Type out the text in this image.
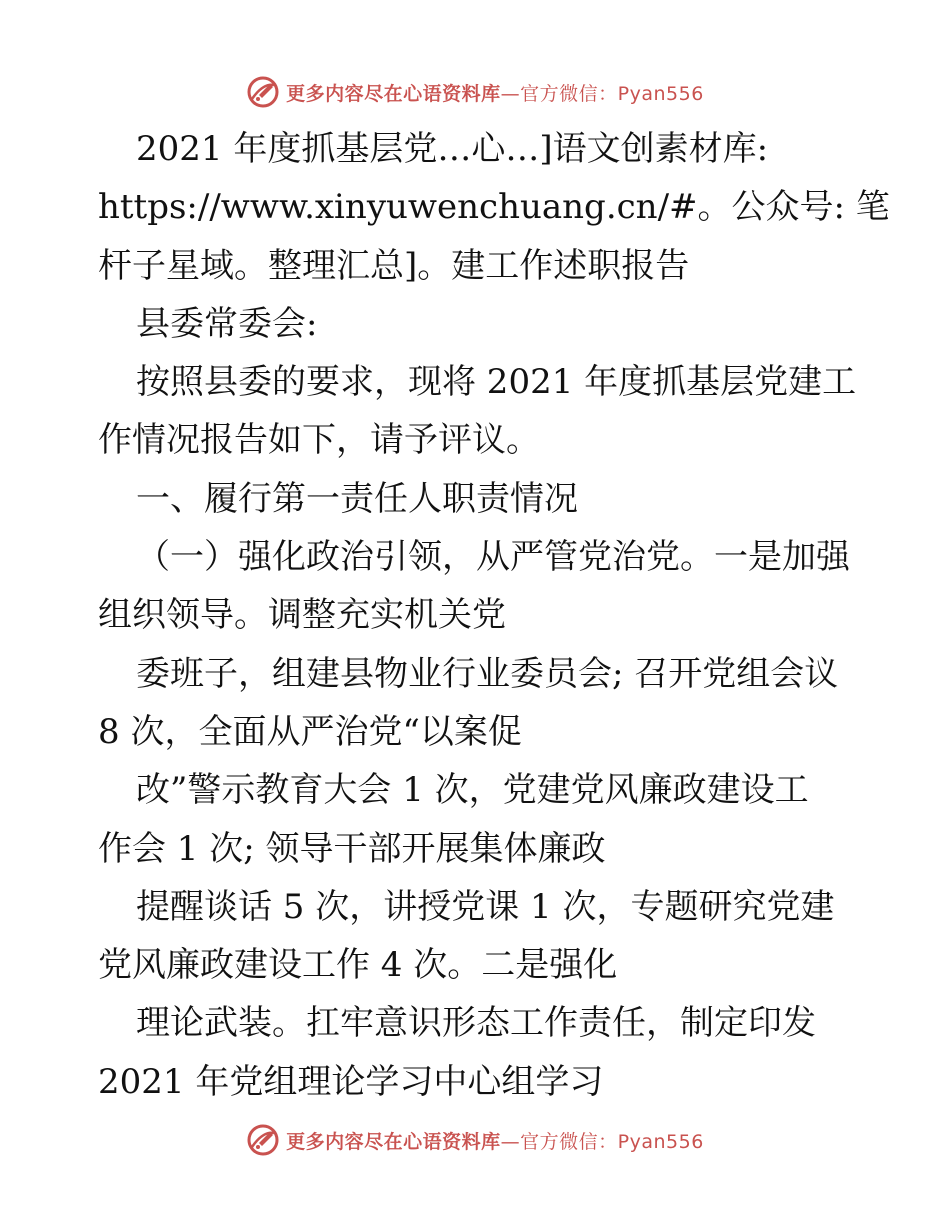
更多内容尽在心语资料库—官方微信：Pyan556
2021 年度抓基层党…心…]语文创素材库:
https://www.xinyuwenchuang.cn/#。公众号: 笔
杆子星域。整理汇总]。建工作述职报告
县委常委会:
按照县委的要求，现将 2021 年度抓基层党建工
作情况报告如下，请予评议。
一、履行第一责任人职责情况
（一）强化政治引领，从严管党治党。一是加强
组织领导。调整充实机关党
委班子，组建县物业行业委员会; 召开党组会议
8 次，全面从严治党“以案促
改”警示教育大会 1 次，党建党风廉政建设工
作会 1 次; 领导干部开展集体廉政
提醒谈话 5 次，讲授党课 1 次，专题研究党建
党风廉政建设工作 4 次。二是强化
理论武装。扛牢意识形态工作责任，制定印发
2021 年党组理论学习中心组学习
更多内容尽在心语资料库—官方微信：Pyan556
